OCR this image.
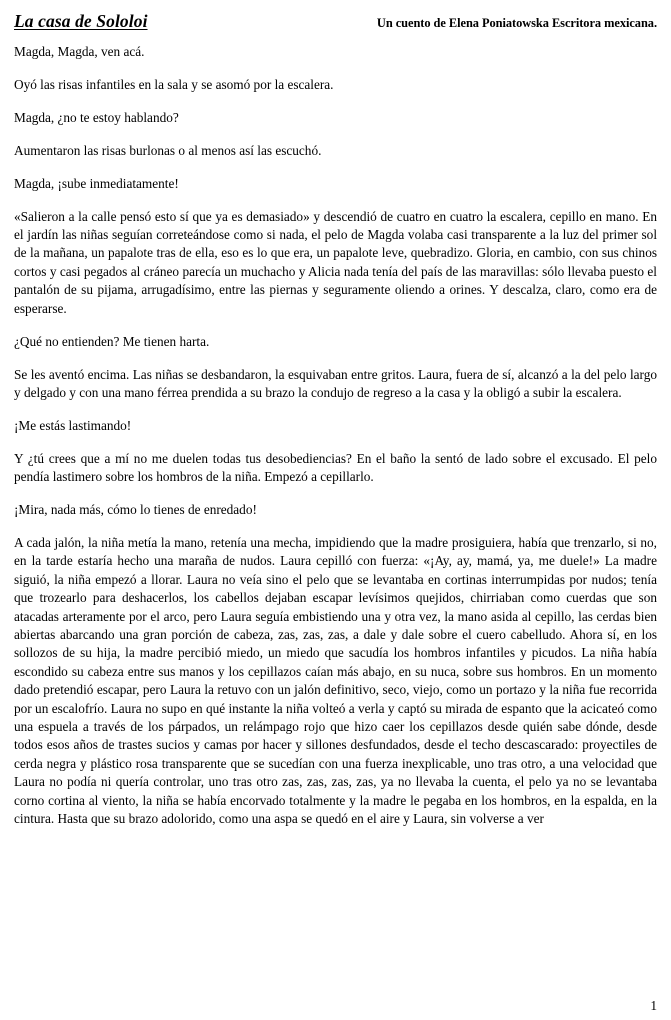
La casa de Sololoi	Un cuento de Elena Poniatowska Escritora mexicana.

Magda, Magda, ven acá.

Oyó las risas infantiles en la sala y se asomó por la escalera.

Magda, ¿no te estoy hablando?

Aumentaron las risas burlonas o al menos así las escuchó.

Magda, ¡sube inmediatamente!

«Salieron a la calle pensó esto sí que ya es demasiado» y descendió de cuatro en cuatro la escalera, cepillo en mano. En el jardín las niñas seguían correteándose como si nada, el pelo de Magda volaba casi transparente a la luz del primer sol de la mañana, un papalote tras de ella, eso es lo que era, un papalote leve, quebradizo. Gloria, en cambio, con sus chinos cortos y casi pegados al cráneo parecía un muchacho y Alicia nada tenía del país de las maravillas: sólo llevaba puesto el pantalón de su pijama, arrugadísimo, entre las piernas y seguramente oliendo a orines. Y descalza, claro, como era de esperarse.

¿Qué no entienden? Me tienen harta.

Se les aventó encima. Las niñas se desbandaron, la esquivaban entre gritos. Laura, fuera de sí, alcanzó a la del pelo largo y delgado y con una mano férrea prendida a su brazo la condujo de regreso a la casa y la obligó a subir la escalera.

¡Me estás lastimando!

Y ¿tú crees que a mí no me duelen todas tus desobediencias? En el baño la sentó de lado sobre el excusado. El pelo pendía lastimero sobre los hombros de la niña. Empezó a cepillarlo.

¡Mira, nada más, cómo lo tienes de enredado!

A cada jalón, la niña metía la mano, retenía una mecha, impidiendo que la madre prosiguiera, había que trenzarlo, si no, en la tarde estaría hecho una maraña de nudos. Laura cepilló con fuerza: «¡Ay, ay, mamá, ya, me duele!» La madre siguió, la niña empezó a llorar. Laura no veía sino el pelo que se levantaba en cortinas interrumpidas por nudos; tenía que trozearlo para deshacerlos, los cabellos dejaban escapar levísimos quejidos, chirriaban como cuerdas que son atacadas arteramente por el arco, pero Laura seguía embistiendo una y otra vez, la mano asida al cepillo, las cerdas bien abiertas abarcando una gran porción de cabeza, zas, zas, zas, a dale y dale sobre el cuero cabelludo. Ahora sí, en los sollozos de su hija, la madre percibió miedo, un miedo que sacudía los hombros infantiles y picudos. La niña había escondido su cabeza entre sus manos y los cepillazos caían más abajo, en su nuca, sobre sus hombros. En un momento dado pretendió escapar, pero Laura la retuvo con un jalón definitivo, seco, viejo, como un portazo y la niña fue recorrida por un escalofrío. Laura no supo en qué instante la niña volteó a verla y captó su mirada de espanto que la acicateó como una espuela a través de los párpados, un relámpago rojo que hizo caer los cepillazos desde quién sabe dónde, desde todos esos años de trastes sucios y camas por hacer y sillones desfundados, desde el techo descascarado: proyectiles de cerda negra y plástico rosa transparente que se sucedían con una fuerza inexplicable, uno tras otro, a una velocidad que Laura no podía ni quería controlar, uno tras otro zas, zas, zas, zas, ya no llevaba la cuenta, el pelo ya no se levantaba corno cortina al viento, la niña se había encorvado totalmente y la madre le pegaba en los hombros, en la espalda, en la cintura. Hasta que su brazo adolorido, como una aspa se quedó en el aire y Laura, sin volverse a ver

1
